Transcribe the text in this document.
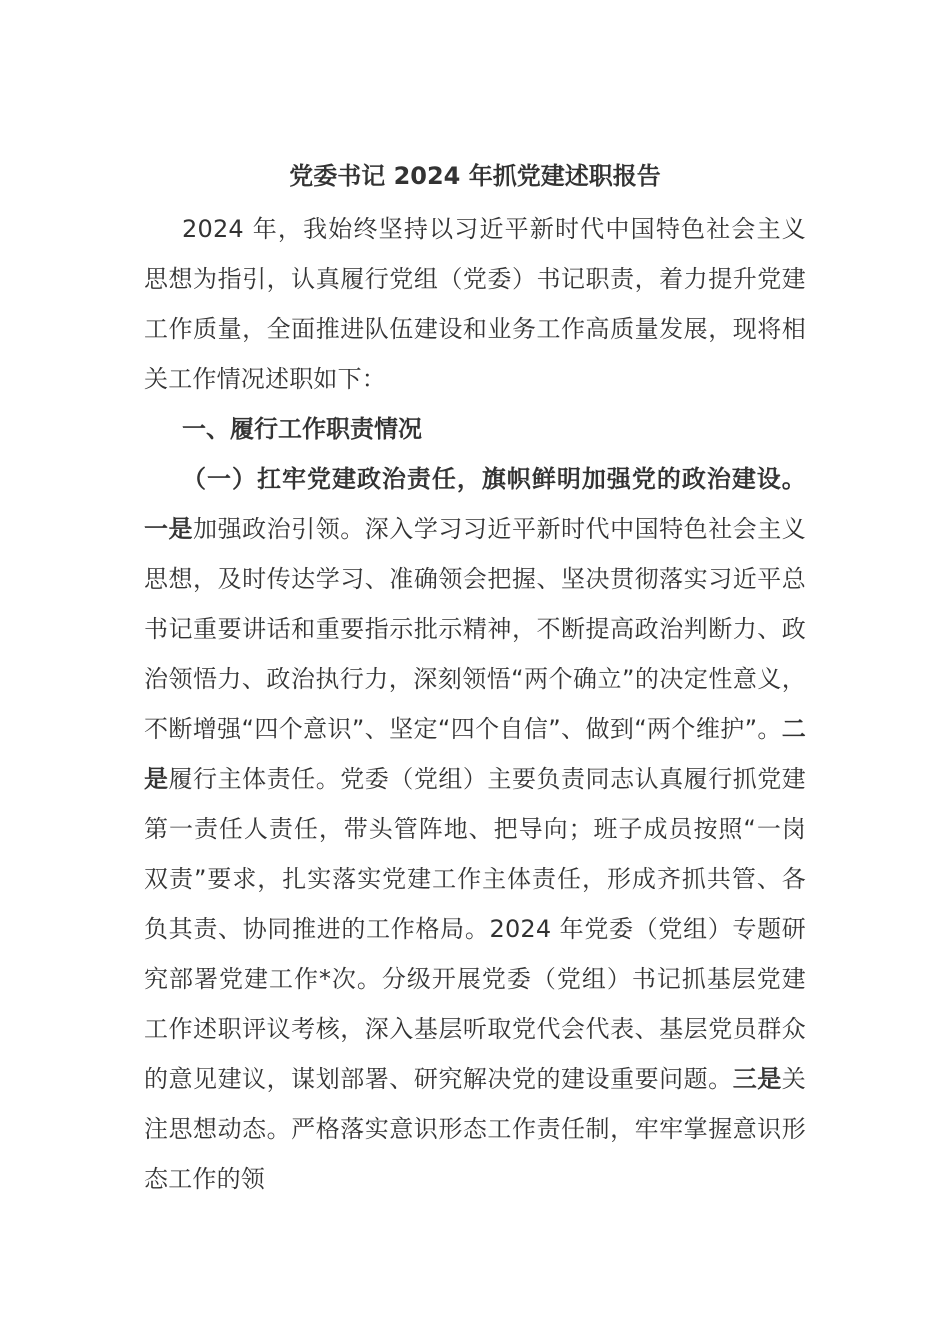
党委书记 2024 年抓党建述职报告

2024 年，我始终坚持以习近平新时代中国特色社会主义思想为指引，认真履行党组（党委）书记职责，着力提升党建工作质量，全面推进队伍建设和业务工作高质量发展，现将相关工作情况述职如下：

一、履行工作职责情况

（一）扛牢党建政治责任，旗帜鲜明加强党的政治建设。一是加强政治引领。深入学习习近平新时代中国特色社会主义思想，及时传达学习、准确领会把握、坚决贯彻落实习近平总书记重要讲话和重要指示批示精神，不断提高政治判断力、政治领悟力、政治执行力，深刻领悟“两个确立”的决定性意义，不断增强“四个意识”、坚定“四个自信”、做到“两个维护”。二是履行主体责任。党委（党组）主要负责同志认真履行抓党建第一责任人责任，带头管阵地、把导向；班子成员按照“一岗双责”要求，扎实落实党建工作主体责任，形成齐抓共管、各负其责、协同推进的工作格局。2024 年党委（党组）专题研究部署党建工作*次。分级开展党委（党组）书记抓基层党建工作述职评议考核，深入基层听取党代会代表、基层党员群众的意见建议，谋划部署、研究解决党的建设重要问题。三是关注思想动态。严格落实意识形态工作责任制，牢牢掌握意识形态工作的领
